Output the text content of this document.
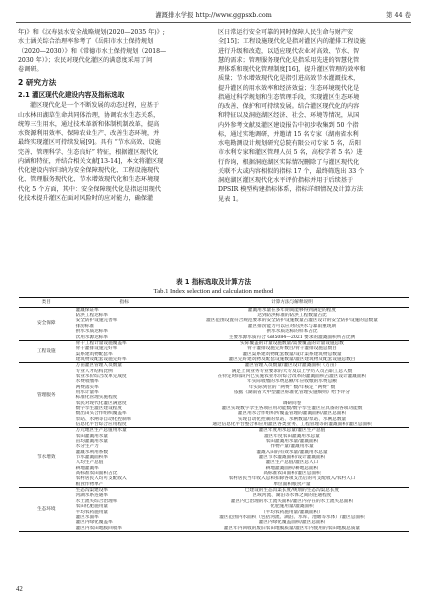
灌溉排水学报 http://www.ggpsxb.com	第 44 卷
年)》和《汉寿县水安全战略规划(2020—2035 年)》;
水土涵关综合治理率参考了《岳阳市水土保持规划
（2020—2030）》和《常德市水土保持规划（2018—
2030 年）》；农民对现代化灌区的满意度采用了问
卷调研。
2 研究方法
2.1 灌区现代化建设内容及指标选取
灌区现代化是一个不断发展的动态过程，应基于
山水林田湖草生命共同体治理，协调农水生态关系，
统筹三生用水，通过技术革新和体制机制改革，提高
水资源利用效率、保障农业生产、改善生态环境，并
最终实现灌区可持续发展[9]。具有 “节水高效、设施
完善、管理科学、生态良好” 特征，根据灌区现代化
内涵和特征，并结合相关文献[13-14]，本文将灌区现
代化建设内容归纳为安全保障现代化、工程设施现代
化、管理服务现代化、节水增效现代化和生态环境现
代化 5 个方面，其中：安全保障现代化是指运用现代
化技术提升灌区在面对风险时的应对能力，确保灌
区日常运行安全可靠的同时保障人民生命与财产安
全[15]；工程设施现代化是指对灌区内的灌排工程设施
进行升级和改造，以适应现代农业对高效、节水、智
慧的需求；管理服务现代化是指采用先进的智慧化管
理体系和现代化管理制度[16]，提升灌区管理的效率和
质量；节水增效现代化是指引进高效节水灌溉技术，
提升灌区的用水效率和经济效益；生态环境现代化是
指通过科学规划和生态管理手段，实现灌区生态环境
的改善、保护和可持续发展。结合灌区现代化的内容
和特征以及洞庭湖区经济、社会、环境等情况，从国
内外参考文献及灌区建设报告中初步收集到 50 个指
标，通过实地调研，并邀请 15 名专家（湖南省水利
水电勘测设计规划研究总院有限公司专家 5 名，岳阳
市水利专家和灌区管理人员 5 名，高校学者 5 名）进
行咨询，根据洞庭湖区实际情况删除了与灌区现代化
关联不大或内容相似的指标 17 个，最终筛选出 33 个
洞庭湖区灌区现代化水平评价指标并用于后续基于
DPSIR 模型构建指标体系，指标详细情况及计算方法
见表 1。
表 1 指标选取及计算方法
Tab.1 Index selection and calculation method
类目	指标	计算方法与解释说明
安全保障	灌溉保证率	灌溉用水量在多年期间能够得到满足的程度
	防洪工程达标率	达到防洪标准的防洪工程数量占比
	安全防护设施完善率	灌区范围设置符合规范要求的安全防护设施数量占灌区设计的安全防护设施的总数量
	排涝标准	灌区排涝能力可以应对的洪水与暴雨重现期
	供水水质达标率	供水水质达标的样本占比
	饮用水源达标率	主要水源水质符合 GB5084—2021 要求的灌溉面积所占比例
工程设施	骨干工程计量设施覆盖率	实际覆盖的计量设施数量/需要覆盖的计量设施总数
	骨干灌排设施完好率	骨干灌排设施完好数目/骨干灌排设施总数目
	渠系建筑物配套率	灌区渠系建筑物配套数量/设计渠系建筑物总数量
	建筑物及配套设施完好率	灌区完好建筑物及配套设施数量/灌区建筑物及配套设施总数目
管理服务	万亩灌区管理人员数量	灌区管理人员数量/灌区设计灌溉面积（万亩）
	专业人才结构比例	满足上岗业务专业要求的大专及以上学历人员占职工总人数
	农业水价综合改革完成度	在特定时间段内已实施农业水价综合改革的灌溉面积占灌区设计灌溉面积
	水费收缴率	年实际收缴的水费总额/年应收缴的水费总额
	两费落实率	年实际到位的 “两费” 数/年核定 “两费” 数
	用水计量率	依据《湖南省大中型灌区标准化管理实施细则》给予评分
	标准化管理实施程度	
	农民对现代化灌区满意度	调研问卷
	数字孪生灌区建设程度	灌区实现数字孪生各项应用功能数/数字孪生灌区应具备的各项功能数
	数出田头合作组织覆盖率	灌区用水合作组织所覆盖管理的灌溉面积/灌区总面积
	泵站、水闸等自动化控制率	实现自动化控制的泵站、水闸数量/泵站、水闸总数量
	信息化平台综合应用程度	通过信息化平台整合和应用灌区各类业务、工程管理等的灌溉面积/灌区总面积
节水增效	万元地区生产总值用水量	灌区年度用水总量/灌区生产总值
	农田灌溉用水量	灌区年度农田灌溉用水总量
	亩均灌溉用水量	农田灌溉用水量/灌溉面积
	水分生产力	作物产量/灌溉用水量
	灌溉水利用系数	灌溉入田的有效水量/灌溉用水总量
	节水灌溉面积率	灌区节水灌溉面积/设计灌溉面积
	人均生产总值	灌区生产总值/灌区总人口
	耕地灌溉率	耕地灌溉面积/耕地总面积
	高标准农田面积占比	高标准农田面积/灌区总面积
	农村居民人均可支配收入	农村居民当年收入总和扣除各项支出后的可支配收入/农村人口
	粮食作物单产	单位面积粮食产量
生态环境	生态沟渠建设率	已建设的生态沟渠长度/规划的生态沟渠总长度
	河湖水系连通率	区域河流、湖泊等水体之间的连通程度
	水土流失综合治理率	灌区内已治理的水土流失面积/灌区内存在的水土流失总面积
	农田化肥施用量	化肥施用量/灌溉面积
	平均农药施用量	（平均农药施用量/灌溉面积）
	灌区水面率	灌区范围内水面积（包括河流、湖泊、水库、池塘等水体）/灌区总面积
	灌区内绿化覆盖率	灌区内绿化覆盖面积/灌区总面积
	灌区内农田地膜回收率	灌区年内回收的废旧农田地膜质量/灌区年内使用的农田地膜总质量
42
